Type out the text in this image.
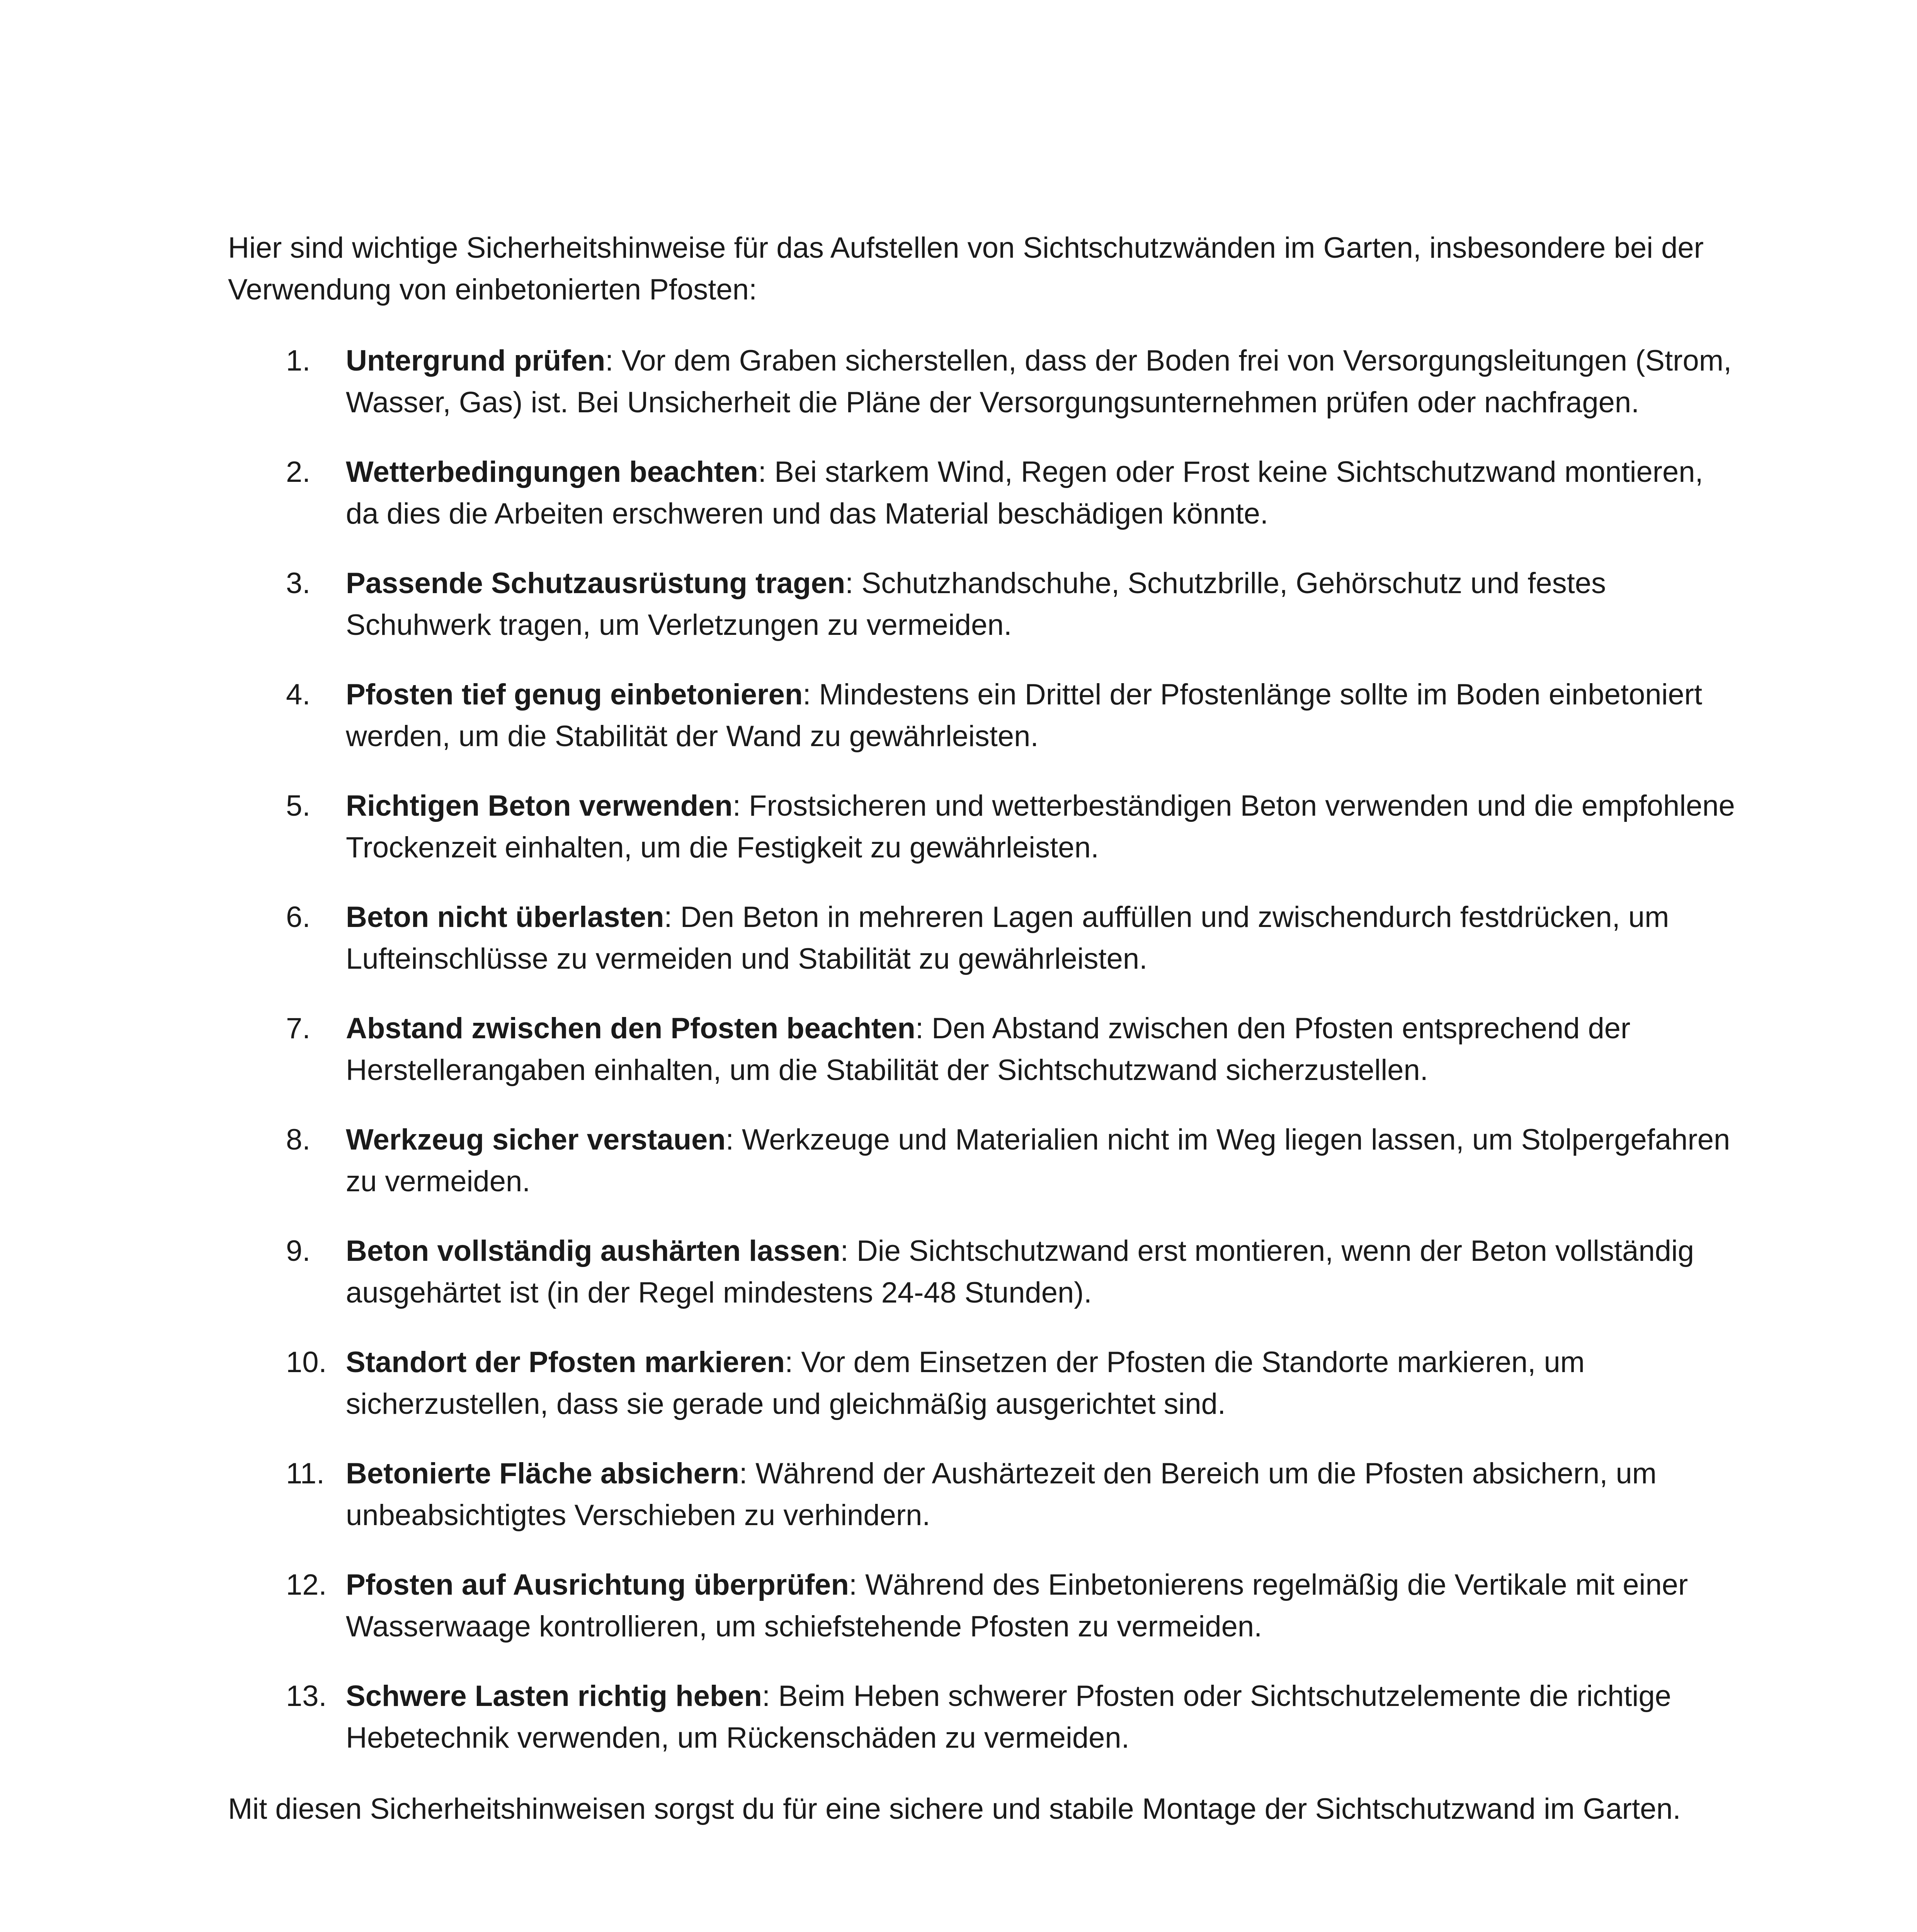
Hier sind wichtige Sicherheitshinweise für das Aufstellen von Sichtschutzwänden im Garten, insbesondere bei der Verwendung von einbetonierten Pfosten:

1. Untergrund prüfen: Vor dem Graben sicherstellen, dass der Boden frei von Versorgungsleitungen (Strom, Wasser, Gas) ist. Bei Unsicherheit die Pläne der Versorgungsunternehmen prüfen oder nachfragen.
2. Wetterbedingungen beachten: Bei starkem Wind, Regen oder Frost keine Sichtschutzwand montieren, da dies die Arbeiten erschweren und das Material beschädigen könnte.
3. Passende Schutzausrüstung tragen: Schutzhandschuhe, Schutzbrille, Gehörschutz und festes Schuhwerk tragen, um Verletzungen zu vermeiden.
4. Pfosten tief genug einbetonieren: Mindestens ein Drittel der Pfostenlänge sollte im Boden einbetoniert werden, um die Stabilität der Wand zu gewährleisten.
5. Richtigen Beton verwenden: Frostsicheren und wetterbeständigen Beton verwenden und die empfohlene Trockenzeit einhalten, um die Festigkeit zu gewährleisten.
6. Beton nicht überlasten: Den Beton in mehreren Lagen auffüllen und zwischendurch festdrücken, um Lufteinschlüsse zu vermeiden und Stabilität zu gewährleisten.
7. Abstand zwischen den Pfosten beachten: Den Abstand zwischen den Pfosten entsprechend der Herstellerangaben einhalten, um die Stabilität der Sichtschutzwand sicherzustellen.
8. Werkzeug sicher verstauen: Werkzeuge und Materialien nicht im Weg liegen lassen, um Stolpergefahren zu vermeiden.
9. Beton vollständig aushärten lassen: Die Sichtschutzwand erst montieren, wenn der Beton vollständig ausgehärtet ist (in der Regel mindestens 24-48 Stunden).
10. Standort der Pfosten markieren: Vor dem Einsetzen der Pfosten die Standorte markieren, um sicherzustellen, dass sie gerade und gleichmäßig ausgerichtet sind.
11. Betonierte Fläche absichern: Während der Aushärtezeit den Bereich um die Pfosten absichern, um unbeabsichtigtes Verschieben zu verhindern.
12. Pfosten auf Ausrichtung überprüfen: Während des Einbetonierens regelmäßig die Vertikale mit einer Wasserwaage kontrollieren, um schiefstehende Pfosten zu vermeiden.
13. Schwere Lasten richtig heben: Beim Heben schwerer Pfosten oder Sichtschutzelemente die richtige Hebetechnik verwenden, um Rückenschäden zu vermeiden.

Mit diesen Sicherheitshinweisen sorgst du für eine sichere und stabile Montage der Sichtschutzwand im Garten.
